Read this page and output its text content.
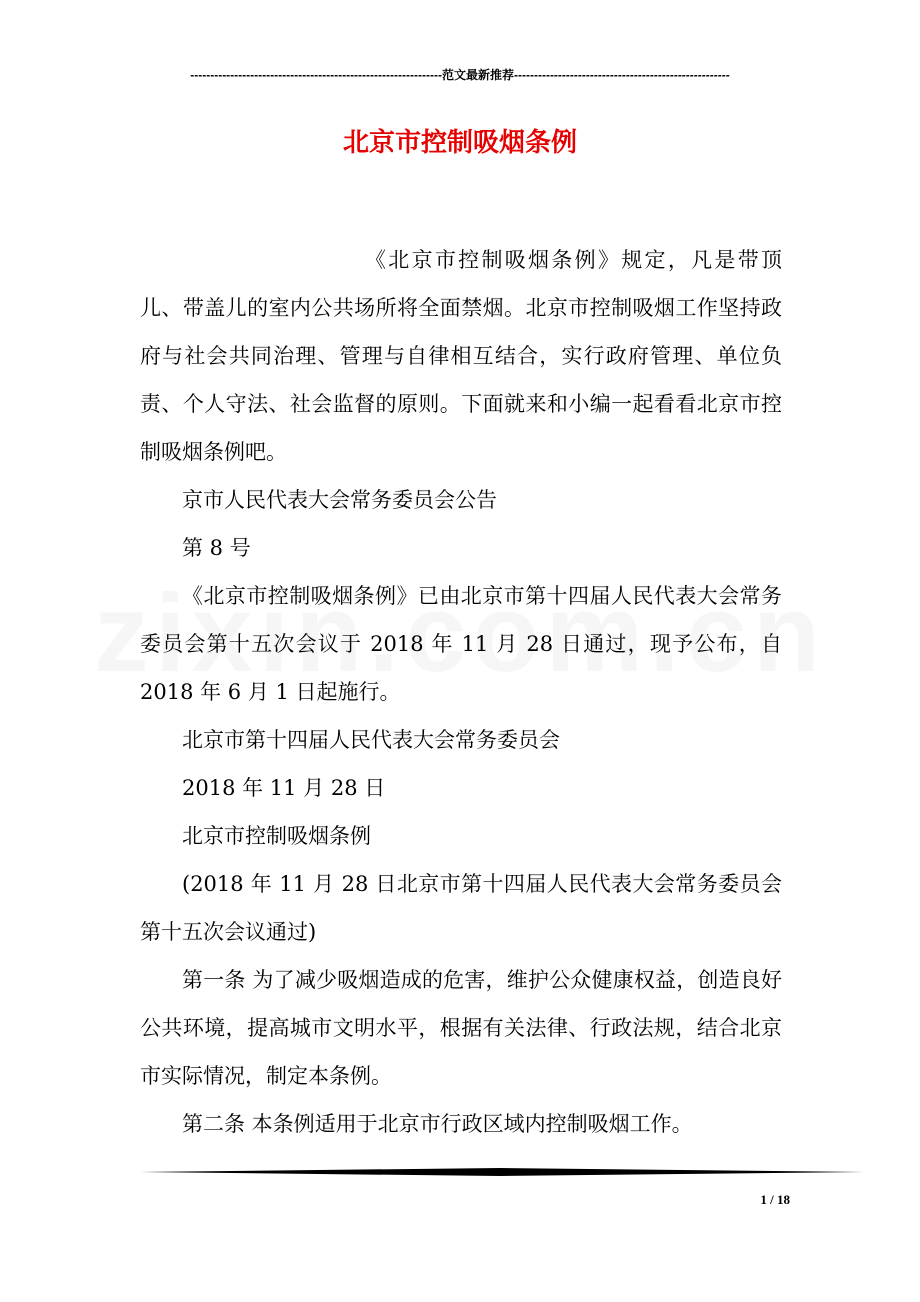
---------------------------------------------------------------范文最新推荐------------------------------------------------------
北京市控制吸烟条例

《北京市控制吸烟条例》规定，凡是带顶儿、带盖儿的室内公共场所将全面禁烟。北京市控制吸烟工作坚持政府与社会共同治理、管理与自律相互结合，实行政府管理、单位负责、个人守法、社会监督的原则。下面就来和小编一起看看北京市控制吸烟条例吧。

京市人民代表大会常务委员会公告

第 8 号

《北京市控制吸烟条例》已由北京市第十四届人民代表大会常务委员会第十五次会议于 2018 年 11 月 28 日通过，现予公布，自 2018 年 6 月 1 日起施行。

北京市第十四届人民代表大会常务委员会

2018 年 11 月 28 日

北京市控制吸烟条例

(2018 年 11 月 28 日北京市第十四届人民代表大会常务委员会第十五次会议通过)

第一条 为了减少吸烟造成的危害，维护公众健康权益，创造良好公共环境，提高城市文明水平，根据有关法律、行政法规，结合北京市实际情况，制定本条例。

第二条 本条例适用于北京市行政区域内控制吸烟工作。

1 / 18
